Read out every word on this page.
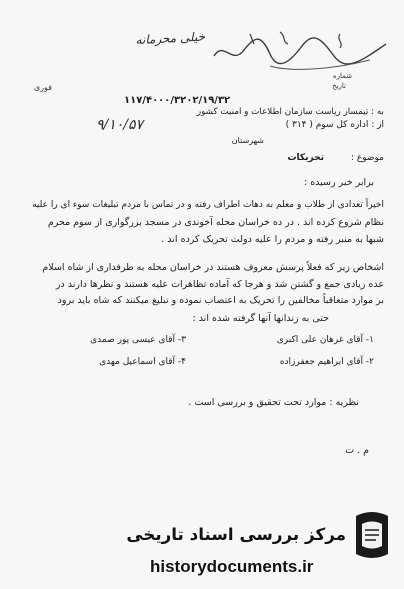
خیلی محرمانه
شماره
تاریخ
فوری
۱۱۷/۴۰۰۰/۳۲۰۲/۱۹/۳۲
به : تیمسار ریاست سازمان اطلاعات و امنیت کشور
۹/۱۰/۵۷	از : اداره کل سوم ( ۳۱۴ )
شهرستان
موضوع :
تحریکات
برابر خبر رسیده :
اخیراً تعدادی از طلاب و معلم به دهات اطراف رفته و در تماس با مردم تبلیغات سوء ای را علیه
نظام شروع کرده اند . در ده خراسان محله آخوندی در مسجد بزرگواری از سوم محرم
شبها به منبر رفته و مردم را علیه دولت تحریک کرده اند .
اشخاص زیر که فعلاً پرسش معروف هستند در خراسان محله به طرفداری از شاه اسلام
عده زیادی جمع و گشتن شد و هرجا که آماده تظاهرات علیه هستند و نظرها دارند در
بر موارد متعاقباً مخالفین را تحریک به اعتصاب نموده و تبلیغ میکنند که شاه باید برود
حتی به زندانها آنها گرفته شده اند :
۱- آقای غرهان علی اکبری
۳- آقای عیسی پور صمدی
۲- آقای ابراهیم جعفرزاده
۴- آقای اسماعیل مهدی
نظریه : موارد تحت تحقیق و بررسی است .
م . ت
مرکز بررسی اسناد تاریخی
historydocuments.ir
